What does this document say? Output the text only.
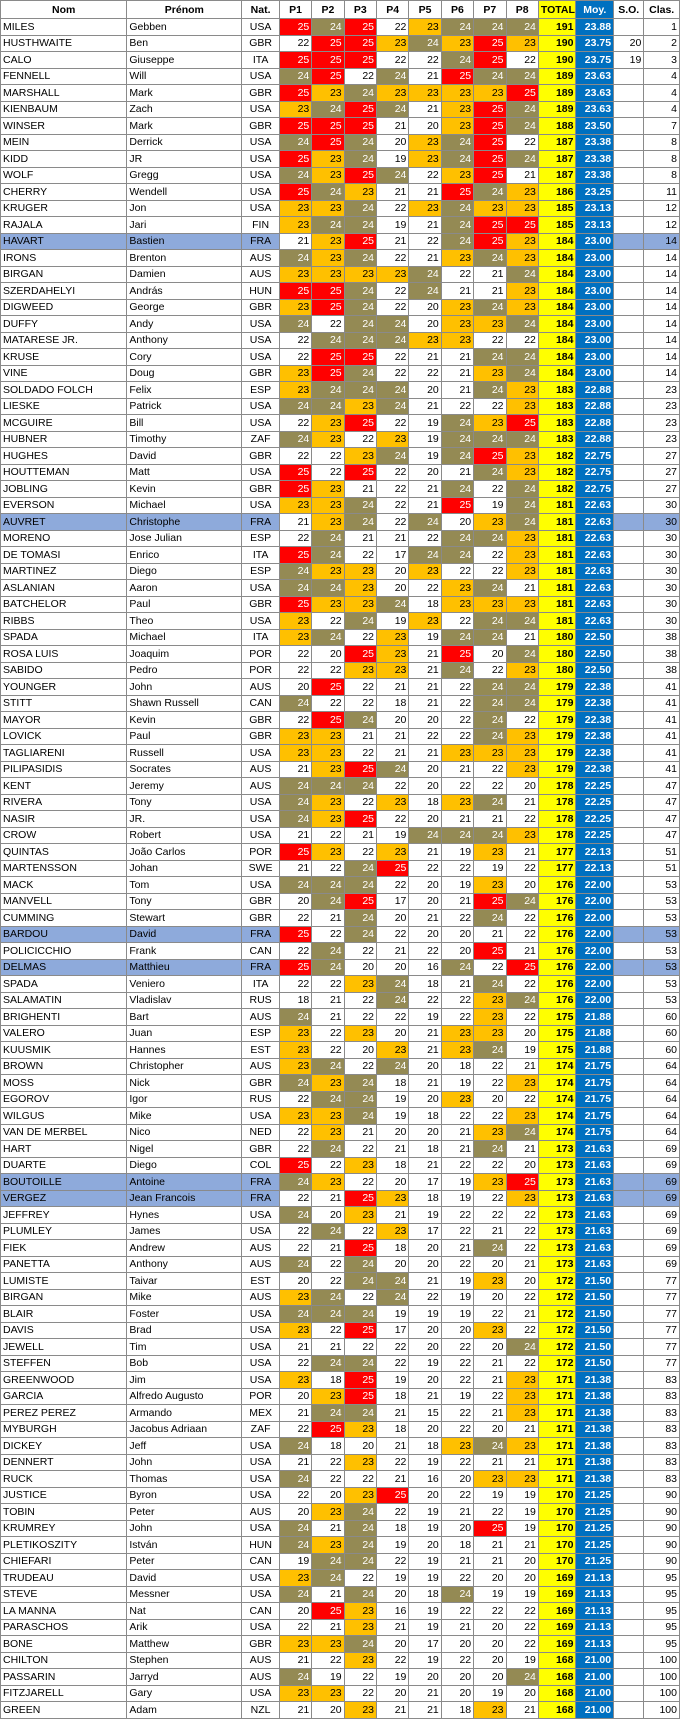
Nom	Prénom	Nat.	P1	P2	P3	P4	P5	P6	P7	P8	TOTAL	Moy.	S.O.	Clas.
MILES	Gebben	USA	25	24	25	22	23	24	24	24	191	23.88		1
HUSTHWAITE	Ben	GBR	22	25	25	23	24	23	25	23	190	23.75	20	2
CALO	Giuseppe	ITA	25	25	25	22	22	24	25	22	190	23.75	19	3
FENNELL	Will	USA	24	25	22	24	21	25	24	24	189	23.63		4
MARSHALL	Mark	GBR	25	23	24	23	23	23	23	25	189	23.63		4
KIENBAUM	Zach	USA	23	24	25	24	21	23	25	24	189	23.63		4
WINSER	Mark	GBR	25	25	25	21	20	23	25	24	188	23.50		7
MEIN	Derrick	USA	24	25	24	20	23	24	25	22	187	23.38		8
KIDD	JR	USA	25	23	24	19	23	24	25	24	187	23.38		8
WOLF	Gregg	USA	24	23	25	24	22	23	25	21	187	23.38		8
CHERRY	Wendell	USA	25	24	23	21	21	25	24	23	186	23.25		11
KRUGER	Jon	USA	23	23	24	22	23	24	23	23	185	23.13		12
RAJALA	Jari	FIN	23	24	24	19	21	24	25	25	185	23.13		12
HAVART	Bastien	FRA	21	23	25	21	22	24	25	23	184	23.00		14
IRONS	Brenton	AUS	24	23	24	22	21	23	24	23	184	23.00		14
BIRGAN	Damien	AUS	23	23	23	23	24	22	21	24	184	23.00		14
SZERDAHELYI	András	HUN	25	25	24	22	24	21	21	23	184	23.00		14
DIGWEED	George	GBR	23	25	24	22	20	23	24	23	184	23.00		14
DUFFY	Andy	USA	24	22	24	24	20	23	23	24	184	23.00		14
MATARESE JR.	Anthony	USA	22	24	24	24	23	23	22	22	184	23.00		14
KRUSE	Cory	USA	22	25	25	22	21	21	24	24	184	23.00		14
VINE	Doug	GBR	23	25	24	22	22	21	23	24	184	23.00		14
SOLDADO FOLCH	Felix	ESP	23	24	24	24	20	21	24	23	183	22.88		23
LIESKE	Patrick	USA	24	24	23	24	21	22	22	23	183	22.88		23
MCGUIRE	Bill	USA	22	23	25	22	19	24	23	25	183	22.88		23
HUBNER	Timothy	ZAF	24	23	22	23	19	24	24	24	183	22.88		23
HUGHES	David	GBR	22	22	23	24	19	24	25	23	182	22.75		27
HOUTTEMAN	Matt	USA	25	22	25	22	20	21	24	23	182	22.75		27
JOBLING	Kevin	GBR	25	23	21	22	21	24	22	24	182	22.75		27
EVERSON	Michael	USA	23	23	24	22	21	25	19	24	181	22.63		30
AUVRET	Christophe	FRA	21	23	24	22	24	20	23	24	181	22.63		30
MORENO	Jose Julian	ESP	22	24	21	21	22	24	24	23	181	22.63		30
DE TOMASI	Enrico	ITA	25	24	22	17	24	24	22	23	181	22.63		30
MARTINEZ	Diego	ESP	24	23	23	20	23	22	22	23	181	22.63		30
ASLANIAN	Aaron	USA	24	24	23	20	22	23	24	21	181	22.63		30
BATCHELOR	Paul	GBR	25	23	23	24	18	23	23	23	181	22.63		30
RIBBS	Theo	USA	23	22	24	19	23	22	24	24	181	22.63		30
SPADA	Michael	ITA	23	24	22	23	19	24	24	21	180	22.50		38
ROSA LUIS	Joaquim	POR	22	20	25	23	21	25	20	24	180	22.50		38
SABIDO	Pedro	POR	22	22	23	23	21	24	22	23	180	22.50		38
YOUNGER	John	AUS	20	25	22	21	21	22	24	24	179	22.38		41
STITT	Shawn Russell	CAN	24	22	22	18	21	22	24	24	179	22.38		41
MAYOR	Kevin	GBR	22	25	24	20	20	22	24	22	179	22.38		41
LOVICK	Paul	GBR	23	23	21	21	22	22	24	23	179	22.38		41
TAGLIARENI	Russell	USA	23	23	22	21	21	23	23	23	179	22.38		41
PILIPASIDIS	Socrates	AUS	21	23	25	24	20	21	22	23	179	22.38		41
KENT	Jeremy	AUS	24	24	24	22	20	22	22	20	178	22.25		47
RIVERA	Tony	USA	24	23	22	23	18	23	24	21	178	22.25		47
NASIR	JR.	USA	24	23	25	22	20	21	21	22	178	22.25		47
CROW	Robert	USA	21	22	21	19	24	24	24	23	178	22.25		47
QUINTAS	João Carlos	POR	25	23	22	23	21	19	23	21	177	22.13		51
MARTENSSON	Johan	SWE	21	22	24	25	22	22	19	22	177	22.13		51
MACK	Tom	USA	24	24	24	22	20	19	23	20	176	22.00		53
MANVELL	Tony	GBR	20	24	25	17	20	21	25	24	176	22.00		53
CUMMING	Stewart	GBR	22	21	24	20	21	22	24	22	176	22.00		53
BARDOU	David	FRA	25	22	24	22	20	20	21	22	176	22.00		53
POLICICCHIO	Frank	CAN	22	24	22	21	22	20	25	21	176	22.00		53
DELMAS	Matthieu	FRA	25	24	20	20	16	24	22	25	176	22.00		53
SPADA	Veniero	ITA	22	22	23	24	18	21	24	22	176	22.00		53
SALAMATIN	Vladislav	RUS	18	21	22	24	22	22	23	24	176	22.00		53
BRIGHENTI	Bart	AUS	24	21	22	22	19	22	23	22	175	21.88		60
VALERO	Juan	ESP	23	22	23	20	21	23	23	20	175	21.88		60
KUUSMIK	Hannes	EST	23	22	20	23	21	23	24	19	175	21.88		60
BROWN	Christopher	AUS	23	24	22	24	20	18	22	21	174	21.75		64
MOSS	Nick	GBR	24	23	24	18	21	19	22	23	174	21.75		64
EGOROV	Igor	RUS	22	24	24	19	20	23	20	22	174	21.75		64
WILGUS	Mike	USA	23	23	24	19	18	22	22	23	174	21.75		64
VAN DE MERBEL	Nico	NED	22	23	21	20	20	21	23	24	174	21.75		64
HART	Nigel	GBR	22	24	22	21	18	21	24	21	173	21.63		69
DUARTE	Diego	COL	25	22	23	18	21	22	22	20	173	21.63		69
BOUTOILLE	Antoine	FRA	24	23	22	20	17	19	23	25	173	21.63		69
VERGEZ	Jean Francois	FRA	22	21	25	23	18	19	22	23	173	21.63		69
JEFFREY	Hynes	USA	24	20	23	21	19	22	22	22	173	21.63		69
PLUMLEY	James	USA	22	24	22	23	17	22	21	22	173	21.63		69
FIEK	Andrew	AUS	22	21	25	18	20	21	24	22	173	21.63		69
PANETTA	Anthony	AUS	24	22	24	20	20	22	20	21	173	21.63		69
LUMISTE	Taivar	EST	20	22	24	24	21	19	23	20	172	21.50		77
BIRGAN	Mike	AUS	23	24	22	24	22	19	20	22	172	21.50		77
BLAIR	Foster	USA	24	24	24	19	19	19	22	21	172	21.50		77
DAVIS	Brad	USA	23	22	25	17	20	20	23	22	172	21.50		77
JEWELL	Tim	USA	21	21	22	22	20	22	20	24	172	21.50		77
STEFFEN	Bob	USA	22	24	24	22	19	22	21	22	172	21.50		77
GREENWOOD	Jim	USA	23	18	25	19	20	22	21	23	171	21.38		83
GARCIA	Alfredo Augusto	POR	20	23	25	18	21	19	22	23	171	21.38		83
PEREZ PEREZ	Armando	MEX	21	24	24	21	15	22	21	23	171	21.38		83
MYBURGH	Jacobus Adriaan	ZAF	22	25	23	18	20	22	20	21	171	21.38		83
DICKEY	Jeff	USA	24	18	20	21	18	23	24	23	171	21.38		83
DENNERT	John	USA	21	22	23	22	19	22	21	21	171	21.38		83
RUCK	Thomas	USA	24	22	22	21	16	20	23	23	171	21.38		83
JUSTICE	Byron	USA	22	20	23	25	20	22	19	19	170	21.25		90
TOBIN	Peter	AUS	20	23	24	22	19	21	22	19	170	21.25		90
KRUMREY	John	USA	24	21	24	18	19	20	25	19	170	21.25		90
PLETIKOSZITY	István	HUN	24	23	24	19	20	18	21	21	170	21.25		90
CHIEFARI	Peter	CAN	19	24	24	22	19	21	21	20	170	21.25		90
TRUDEAU	David	USA	23	24	22	19	19	22	20	20	169	21.13		95
STEVE	Messner	USA	24	21	24	20	18	24	19	19	169	21.13		95
LA MANNA	Nat	CAN	20	25	23	16	19	22	22	22	169	21.13		95
PARASCHOS	Arik	USA	22	21	23	21	19	21	20	22	169	21.13		95
BONE	Matthew	GBR	23	23	24	20	17	20	20	22	169	21.13		95
CHILTON	Stephen	AUS	21	22	23	22	19	22	20	19	168	21.00		100
PASSARIN	Jarryd	AUS	24	19	22	19	20	20	20	24	168	21.00		100
FITZJARELL	Gary	USA	23	23	22	20	21	20	19	20	168	21.00		100
GREEN	Adam	NZL	21	20	23	21	21	18	23	21	168	21.00		100
